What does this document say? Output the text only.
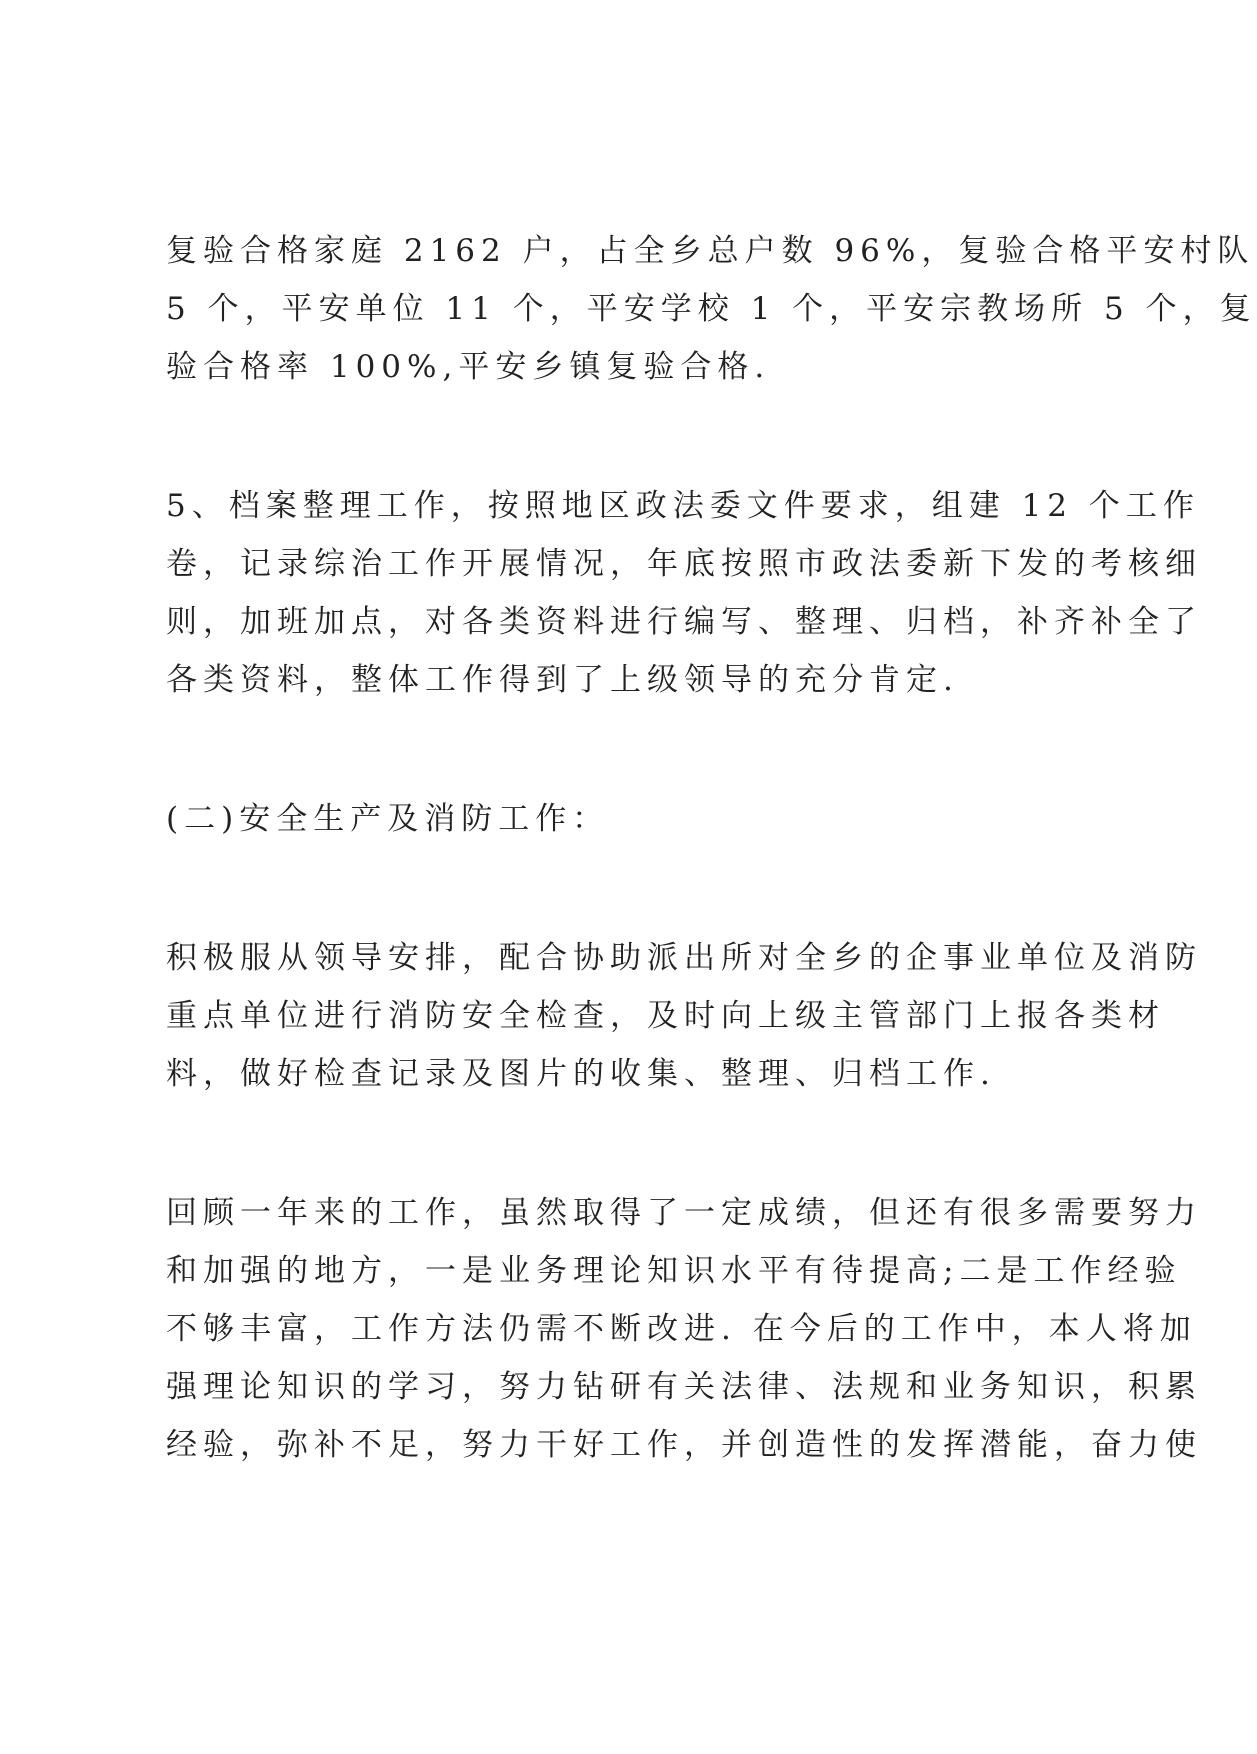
复验合格家庭 2162 户，占全乡总户数 96%，复验合格平安村队
5 个，平安单位 11 个，平安学校 1 个，平安宗教场所 5 个，复
验合格率 100%,平安乡镇复验合格.
5、档案整理工作，按照地区政法委文件要求，组建 12 个工作
卷，记录综治工作开展情况，年底按照市政法委新下发的考核细
则，加班加点，对各类资料进行编写、整理、归档，补齐补全了
各类资料，整体工作得到了上级领导的充分肯定.
(二)安全生产及消防工作：
积极服从领导安排，配合协助派出所对全乡的企事业单位及消防
重点单位进行消防安全检查，及时向上级主管部门上报各类材
料，做好检查记录及图片的收集、整理、归档工作.
回顾一年来的工作，虽然取得了一定成绩，但还有很多需要努力
和加强的地方，一是业务理论知识水平有待提高;二是工作经验
不够丰富，工作方法仍需不断改进. 在今后的工作中，本人将加
强理论知识的学习，努力钻研有关法律、法规和业务知识，积累
经验，弥补不足，努力干好工作，并创造性的发挥潜能，奋力使
